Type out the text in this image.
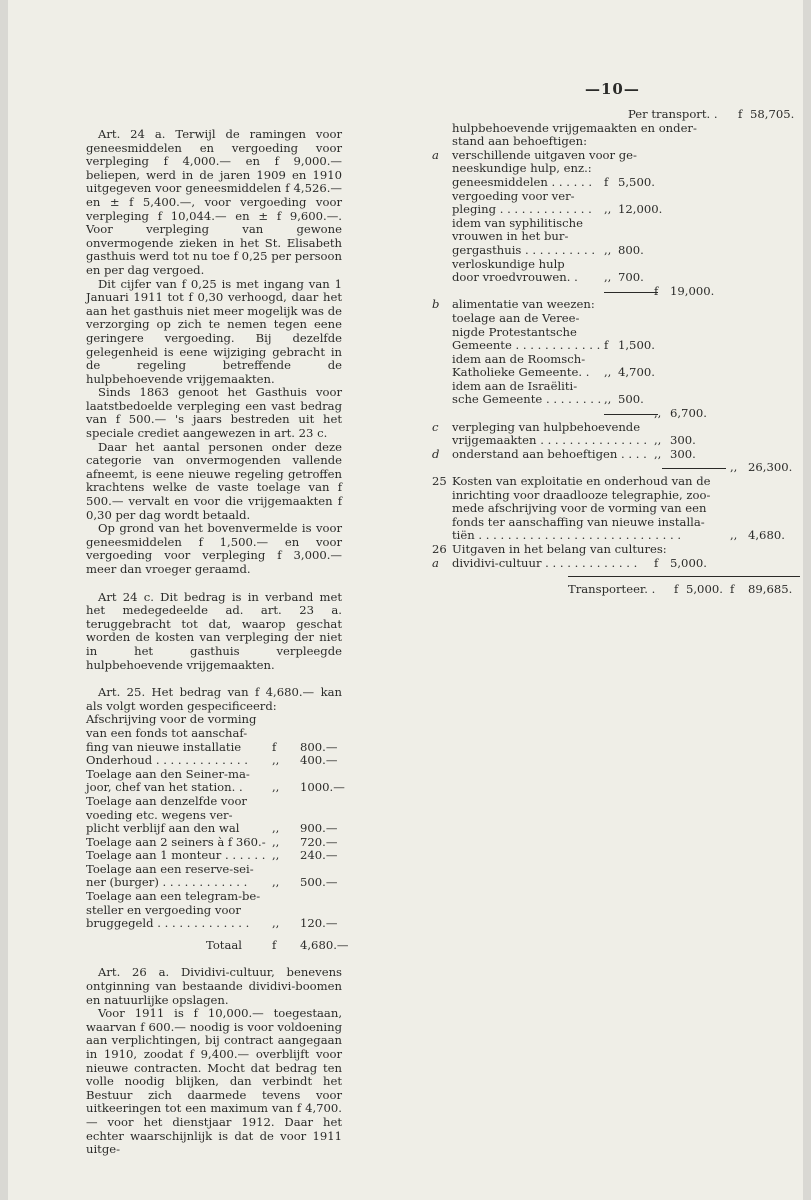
—10—

Art. 24 a. Terwijl de ramingen voor geneesmiddelen en vergoeding voor verpleging f 4,000.— en f 9,000.— beliepen, werd in de jaren 1909 en 1910 uitgegeven voor geneesmiddelen f 4,526.— en ± f 5,400.—, voor vergoeding voor verpleging f 10,044.— en ± f 9,600.—. Voor verpleging van gewone onvermogende zieken in het St. Elisabeth gasthuis werd tot nu toe f 0,25 per persoon en per dag vergoed.

Dit cijfer van f 0,25 is met ingang van 1 Januari 1911 tot f 0,30 verhoogd, daar het aan het gasthuis niet meer mogelijk was de verzorging op zich te nemen tegen eene geringere vergoeding. Bij dezelfde gelegenheid is eene wijziging gebracht in de regeling betreffende de hulpbehoevende vrijgemaakten.

Sinds 1863 genoot het Gasthuis voor laatstbedoelde verpleging een vast bedrag van f 500.— 's jaars bestreden uit het speciale crediet aangewezen in art. 23 c.

Daar het aantal personen onder deze categorie van onvermogenden vallende afneemt, is eene nieuwe regeling getroffen krachtens welke de vaste toelage van f 500.— vervalt en voor die vrijgemaakten f 0,30 per dag wordt betaald.

Op grond van het bovenvermelde is voor geneesmiddelen f 1,500.— en voor vergoeding voor verpleging f 3,000.— meer dan vroeger geraamd.

Art 24 c. Dit bedrag is in verband met het medegedeelde ad. art. 23 a. teruggebracht tot dat, waarop geschat worden de kosten van verpleging der niet in het gasthuis verpleegde hulpbehoevende vrijgemaakten.

Art. 25. Het bedrag van f 4,680.— kan als volgt worden gespecificeerd:

Afschrijving voor de vorming
van een fonds tot aanschaf-
fing van nieuwe installatie	f 800.—
Onderhoud . . . . . . . . . . . . . ,, 400.—
Toelage aan den Seiner-ma-
joor, chef van het station. .	,, 1000.—
Toelage aan denzelfde voor
voeding etc. wegens ver-
plicht verblijf aan den wal	,, 900.—
Toelage aan 2 seiners à f 360.- ,, 720.—
Toelage aan 1 monteur . . . . . . ,, 240.—
Toelage aan een reserve-sei-
ner (burger) . . . . . . . . . . . . ,, 500.—
Toelage aan een telegram-be-
steller en vergoeding voor
bruggegeld . . . . . . . . . . . . . ,, 120.—
Totaal	f 4,680.—

Art. 26 a. Dividivi-cultuur, benevens ontginning van bestaande dividivi-boomen en natuurlijke opslagen.

Voor 1911 is f 10,000.— toegestaan, waarvan f 600.— noodig is voor voldoening aan verplichtingen, bij contract aangegaan in 1910, zoodat f 9,400.— overblijft voor nieuwe contracten. Mocht dat bedrag ten volle noodig blijken, dan verbindt het Bestuur zich daarmede tevens voor uitkeeringen tot een maximum van f 4,700.— voor het dienstjaar 1912. Daar het echter waarschijnlijk is dat de voor 1911 uitge-

Per transport. . f 58,705.
hulpbehoevende vrijgemaakten en onder-
stand aan behoeftigen:
a verschillende uitgaven voor ge-
neeskundige hulp, enz.:
geneesmiddelen . . . . . . f 5,500.
vergoeding voor ver-
pleging . . . . . . . . . . . . . ,, 12,000.
idem van syphilitische
vrouwen in het bur-
gergasthuis . . . . . . . . . . ,, 800.
verloskundige hulp
door vroedvrouwen. . ,, 700.
f 19,000.
b alimentatie van weezen:
toelage aan de Veree-
nigde Protestantsche
Gemeente . . . . . . . . . . . . f 1,500.
idem aan de Roomsch-
Katholieke Gemeente. . ,, 4,700.
idem aan de Israëliti-
sche Gemeente . . . . . . . . ,, 500.
,, 6,700.
c verpleging van hulpbehoevende
vrijgemaakten . . . . . . . . . . . . . . . ,, 300.
d onderstand aan behoeftigen . . . . ,, 300.
,, 26,300.
25 Kosten van exploitatie en onderhoud van de
inrichting voor draadlooze telegraphie, zoo-
mede afschrijving voor de vorming van een
fonds ter aanschaffing van nieuwe installa-
tiën . . . . . . . . . . . . . . . . . . . . . . . . . . . .	,, 4,680.
26 Uitgaven in het belang van cultures:
a dividivi-cultuur . . . . . . . . . . . . . f 5,000.
Transporteer. . f 5,000. f 89,685.
